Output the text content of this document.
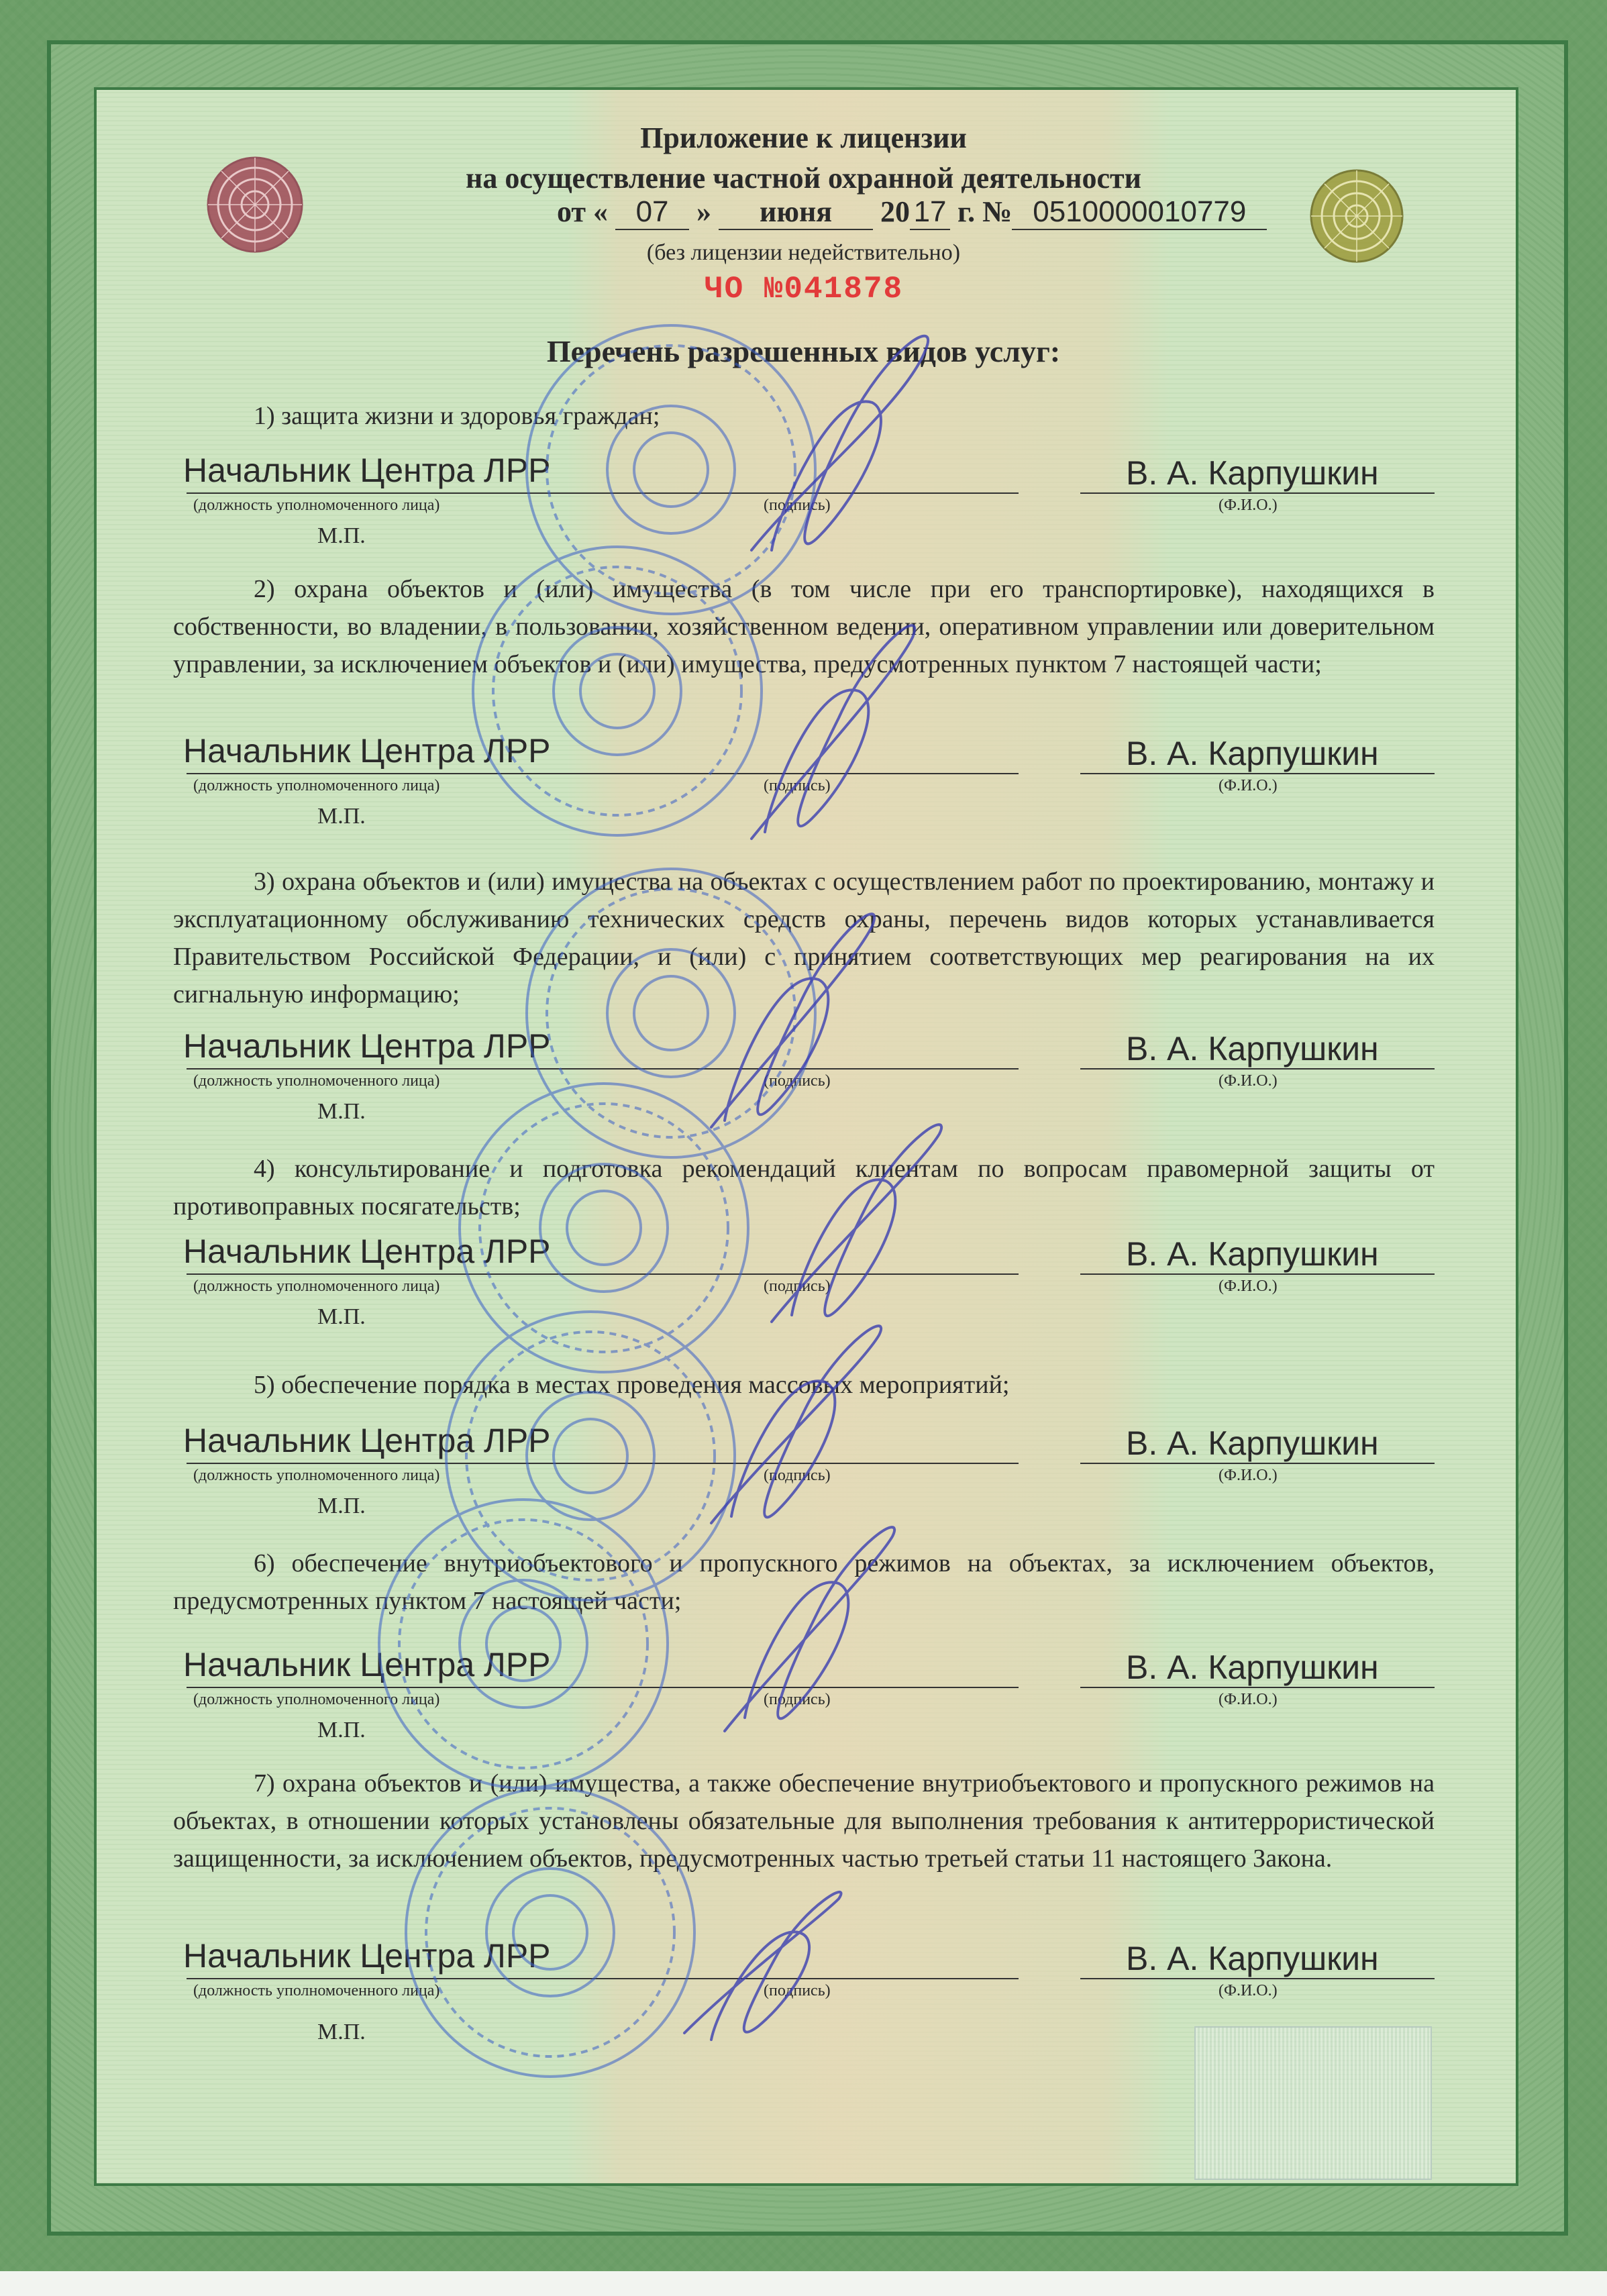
Приложение к лицензии
на осуществление частной охранной деятельности
от « 07 » июня 20 17 г. № 0510000010779
(без лицензии недействительно)
ЧО №041878
Перечень разрешенных видов услуг:
1) защита жизни и здоровья граждан;
Начальник Центра ЛРР	В. А. Карпушкин
(должность уполномоченного лица)	(подпись)	(Ф.И.О.)
М.П.
2) охрана объектов и (или) имущества (в том числе при его транспортировке), находящихся в собственности, во владении, в пользовании, хозяйственном ведении, оперативном управлении или доверительном управлении, за исключением объектов и (или) имущества, предусмотренных пунктом 7 настоящей части;
Начальник Центра ЛРР	В. А. Карпушкин
(должность уполномоченного лица)	(подпись)	(Ф.И.О.)
М.П.
3) охрана объектов и (или) имущества на объектах с осуществлением работ по проектированию, монтажу и эксплуатационному обслуживанию технических средств охраны, перечень видов которых устанавливается Правительством Российской Федерации, и (или) с принятием соответствующих мер реагирования на их сигнальную информацию;
Начальник Центра ЛРР	В. А. Карпушкин
(должность уполномоченного лица)	(подпись)	(Ф.И.О.)
М.П.
4) консультирование и подготовка рекомендаций клиентам по вопросам правомерной защиты от противоправных посягательств;
Начальник Центра ЛРР	В. А. Карпушкин
(должность уполномоченного лица)	(подпись)	(Ф.И.О.)
М.П.
5) обеспечение порядка в местах проведения массовых мероприятий;
Начальник Центра ЛРР	В. А. Карпушкин
(должность уполномоченного лица)	(подпись)	(Ф.И.О.)
М.П.
6) обеспечение внутриобъектового и пропускного режимов на объектах, за исключением объектов, предусмотренных пунктом 7 настоящей части;
Начальник Центра ЛРР	В. А. Карпушкин
(должность уполномоченного лица)	(подпись)	(Ф.И.О.)
М.П.
7) охрана объектов и (или) имущества, а также обеспечение внутриобъектового и пропускного режимов на объектах, в отношении которых установлены обязательные для выполнения требования к антитеррористической защищенности, за исключением объектов, предусмотренных частью третьей статьи 11 настоящего Закона.
Начальник Центра ЛРР	В. А. Карпушкин
(должность уполномоченного лица)	(подпись)	(Ф.И.О.)
М.П.
